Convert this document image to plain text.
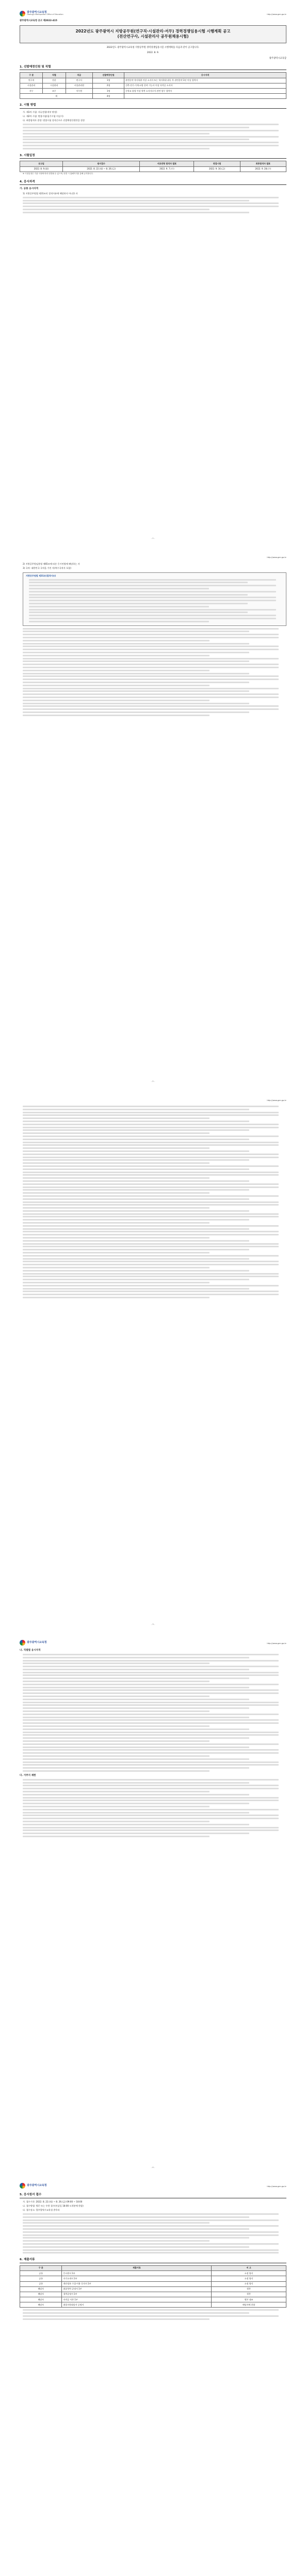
광주광역시교육청
Gwangju Metropolitan Office of Education	http://www.gen.go.kr
광주광역시교육청 공고 제2022-415
2022년도 광주광역시 지방공무원(연구직·시설관리·서무) 경력경쟁임용시험 시행계획 공고
(전산연구사, 시설관리사 공무원채용시험)
2022년도 광주광역시교육청 지방공무원 경력경쟁임용시험 시행계획을 다음과 같이 공고합니다.
2022. 8. 9.
광주광역시교육감
1. 선발예정인원 및 직렬
구 분	직렬	직급	선발예정인원	응시자격
연구직	전산	연구사	1명	관련분야 석사학위 이상 소지자 또는 학사학위 취득 후 관련분야 3년 이상 경력자
시설관리	시설관리	시설관리원	2명	건축·전기·기계·소방 분야 기능사 이상 자격증 소지자
서무	조무	서무원	1명	중학교 졸업 이상 학력 소지자로서 관련 업무 경력자
계			4명	
2. 시험 방법
가. 제1차 시험: 서류전형(적부 판정)
나. 제2차 시험: 면접시험(필기시험 미실시)
다. 최종합격자 결정: 면접시험 성적순으로 선발예정인원만큼 결정
3. 시험일정
공고일	원서접수	서류전형 합격자 발표	면접시험	최종합격자 발표
2022. 8. 9.(화)	2022. 8. 22.(월) ~ 8. 26.(금)	2022. 9. 7.(수)	2022. 9. 16.(금)	2022. 9. 28.(수)
※ 시험일정은 기관 사정에 따라 변경될 수 있으며, 변경 시 홈페이지를 통해 공지합니다.
4. 응시자격
가. 공통 응시자격
1) 지방공무원법 제31조의 결격사유에 해당하지 아니한 자
- 1 -
http://www.gen.go.kr
2) 지방공무원임용령 제65조에 따른 응시연령에 해당하는 자
3) 국적: 대한민국 국적을 가진 자(복수국적자 포함)
지방공무원법 제31조(결격사유)
- 2 -
http://www.gen.go.kr
- 3 -
광주광역시교육청	http://www.gen.go.kr
나. 직렬별 응시자격
다. 거주지 제한
- 4 -
광주광역시교육청	http://www.gen.go.kr
5. 응시원서 접수
가. 접수기간: 2022. 8. 22.(월) ~ 8. 26.(금) 09:00 ~ 18:00
나. 접수방법: 방문 또는 우편 접수(마감일 18:00 도착분에 한함)
다. 접수장소: 광주광역시교육청 총무과
6. 제출서류
구 분	제출서류	비 고
공통	응시원서 1부	소정 양식
공통	자기소개서 1부	소정 양식
공통	개인정보 수집·이용 동의서 1부	소정 양식
해당자	최종학력 증명서 1부	원본
해당자	경력증명서 1부	원본
해당자	자격증 사본 1부	원본 대조
해당자	취업지원대상자 증명서	해당자에 한함
